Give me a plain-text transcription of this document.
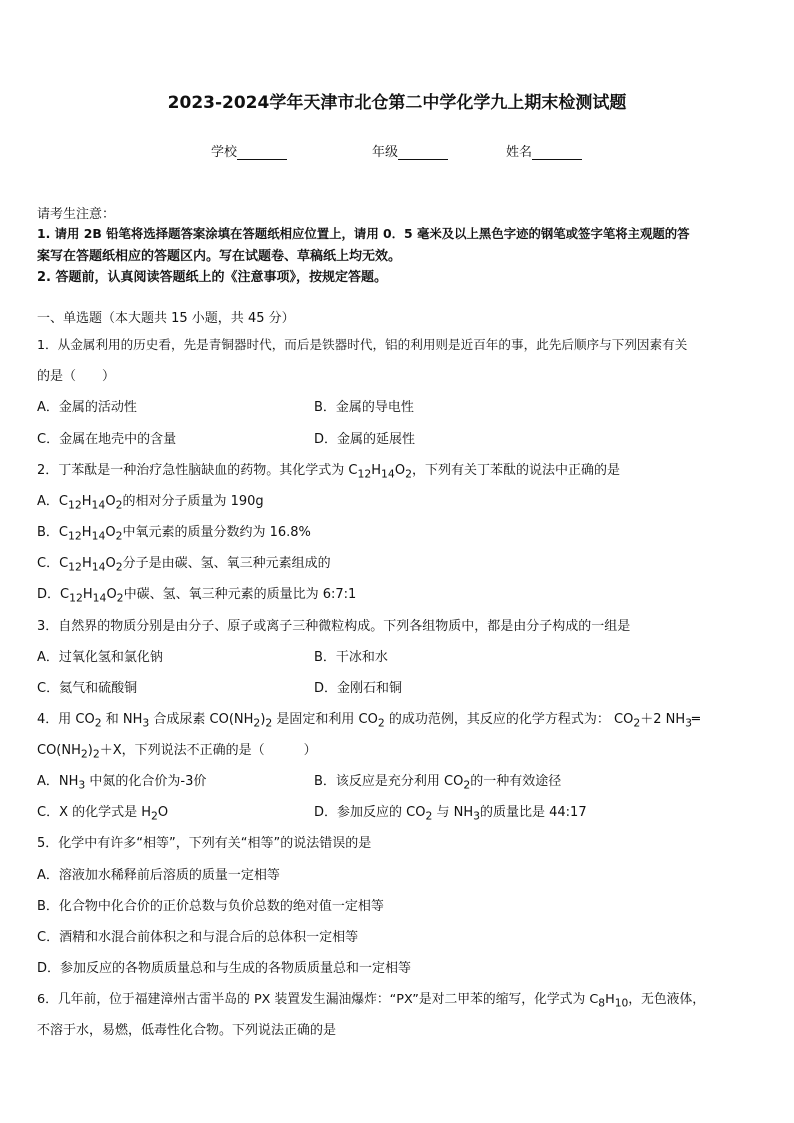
2023-2024学年天津市北仓第二中学化学九上期末检测试题
学校	年级	姓名
请考生注意：
1. 请用 2B 铅笔将选择题答案涂填在答题纸相应位置上，请用 0．5 毫米及以上黑色字迹的钢笔或签字笔将主观题的答
案写在答题纸相应的答题区内。写在试题卷、草稿纸上均无效。
2. 答题前，认真阅读答题纸上的《注意事项》，按规定答题。
一、单选题（本大题共 15 小题，共 45 分）
1．从金属利用的历史看，先是青铜器时代，而后是铁器时代，铝的利用则是近百年的事，此先后顺序与下列因素有关
的是（　　）
A．金属的活动性	B．金属的导电性
C．金属在地壳中的含量	D．金属的延展性
2．丁苯酞是一种治疗急性脑缺血的药物。其化学式为 $C_{12}H_{14}O_2$，下列有关丁苯酞的说法中正确的是
A．$C_{12}H_{14}O_2$的相对分子质量为 190g
B．$C_{12}H_{14}O_2$中氧元素的质量分数约为 16.8%
C．$C_{12}H_{14}O_2$分子是由碳、氢、氧三种元素组成的
D．$C_{12}H_{14}O_2$中碳、氢、氧三种元素的质量比为 6:7:1
3．自然界的物质分别是由分子、原子或离子三种微粒构成。下列各组物质中，都是由分子构成的一组是
A．过氧化氢和氯化钠	B．干冰和水
C．氦气和硫酸铜	D．金刚石和铜
4．用 $CO_2$ 和 $NH_3$ 合成尿素 $CO(NH_2)_2$ 是固定和利用 $CO_2$ 的成功范例，其反应的化学方程式为： $CO_2+2$ $NH_3═$
$CO(NH_2)_2+X$，下列说法不正确的是（　　　）
A．$NH_3$ 中氮的化合价为-3价	B．该反应是充分利用 $CO_2$的一种有效途径
C．X 的化学式是 $H_2O$	D．参加反应的 $CO_2$ 与 $NH_3$的质量比是 44:17
5．化学中有许多“相等”，下列有关“相等”的说法错误的是
A．溶液加水稀释前后溶质的质量一定相等
B．化合物中化合价的正价总数与负价总数的绝对值一定相等
C．酒精和水混合前体积之和与混合后的总体积一定相等
D．参加反应的各物质质量总和与生成的各物质质量总和一定相等
6．几年前，位于福建漳州古雷半岛的 PX 装置发生漏油爆炸：“PX”是对二甲苯的缩写，化学式为 $C_8H_{10}$，无色液体，
不溶于水，易燃，低毒性化合物。下列说法正确的是
